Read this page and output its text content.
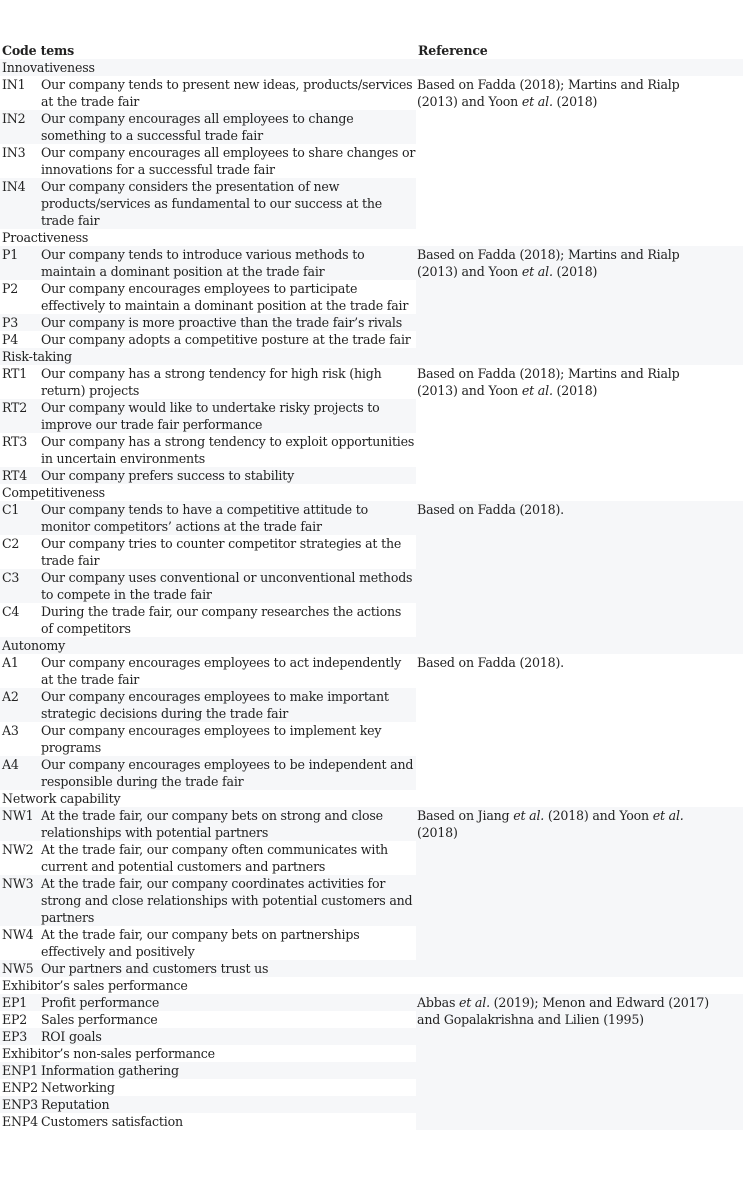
Code tems		Reference
Innovativeness		
IN1	Our company tends to present new ideas, products/services at the trade fair	Based on Fadda (2018); Martins and Rialp (2013) and Yoon et al. (2018)
IN2	Our company encourages all employees to change something to a successful trade fair	
IN3	Our company encourages all employees to share changes or innovations for a successful trade fair	
IN4	Our company considers the presentation of new products/services as fundamental to our success at the trade fair	
Proactiveness		
P1	Our company tends to introduce various methods to maintain a dominant position at the trade fair	Based on Fadda (2018); Martins and Rialp (2013) and Yoon et al. (2018)
P2	Our company encourages employees to participate effectively to maintain a dominant position at the trade fair	
P3	Our company is more proactive than the trade fair’s rivals	
P4	Our company adopts a competitive posture at the trade fair	
Risk-taking		
RT1	Our company has a strong tendency for high risk (high return) projects	Based on Fadda (2018); Martins and Rialp (2013) and Yoon et al. (2018)
RT2	Our company would like to undertake risky projects to improve our trade fair performance	
RT3	Our company has a strong tendency to exploit opportunities in uncertain environments	
RT4	Our company prefers success to stability	
Competitiveness		
C1	Our company tends to have a competitive attitude to monitor competitors’ actions at the trade fair	Based on Fadda (2018).
C2	Our company tries to counter competitor strategies at the trade fair	
C3	Our company uses conventional or unconventional methods to compete in the trade fair	
C4	During the trade fair, our company researches the actions of competitors	
Autonomy		
A1	Our company encourages employees to act independently at the trade fair	Based on Fadda (2018).
A2	Our company encourages employees to make important strategic decisions during the trade fair	
A3	Our company encourages employees to implement key programs	
A4	Our company encourages employees to be independent and responsible during the trade fair	
Network capability		
NW1	At the trade fair, our company bets on strong and close relationships with potential partners	Based on Jiang et al. (2018) and Yoon et al. (2018)
NW2	At the trade fair, our company often communicates with current and potential customers and partners	
NW3	At the trade fair, our company coordinates activities for strong and close relationships with potential customers and partners	
NW4	At the trade fair, our company bets on partnerships effectively and positively	
NW5	Our partners and customers trust us	
Exhibitor’s sales performance		
EP1	Profit performance	Abbas et al. (2019); Menon and Edward (2017) and Gopalakrishna and Lilien (1995)
EP2	Sales performance	
EP3	ROI goals	
Exhibitor’s non-sales performance		
ENP1	Information gathering	
ENP2	Networking	
ENP3	Reputation	
ENP4	Customers satisfaction	
